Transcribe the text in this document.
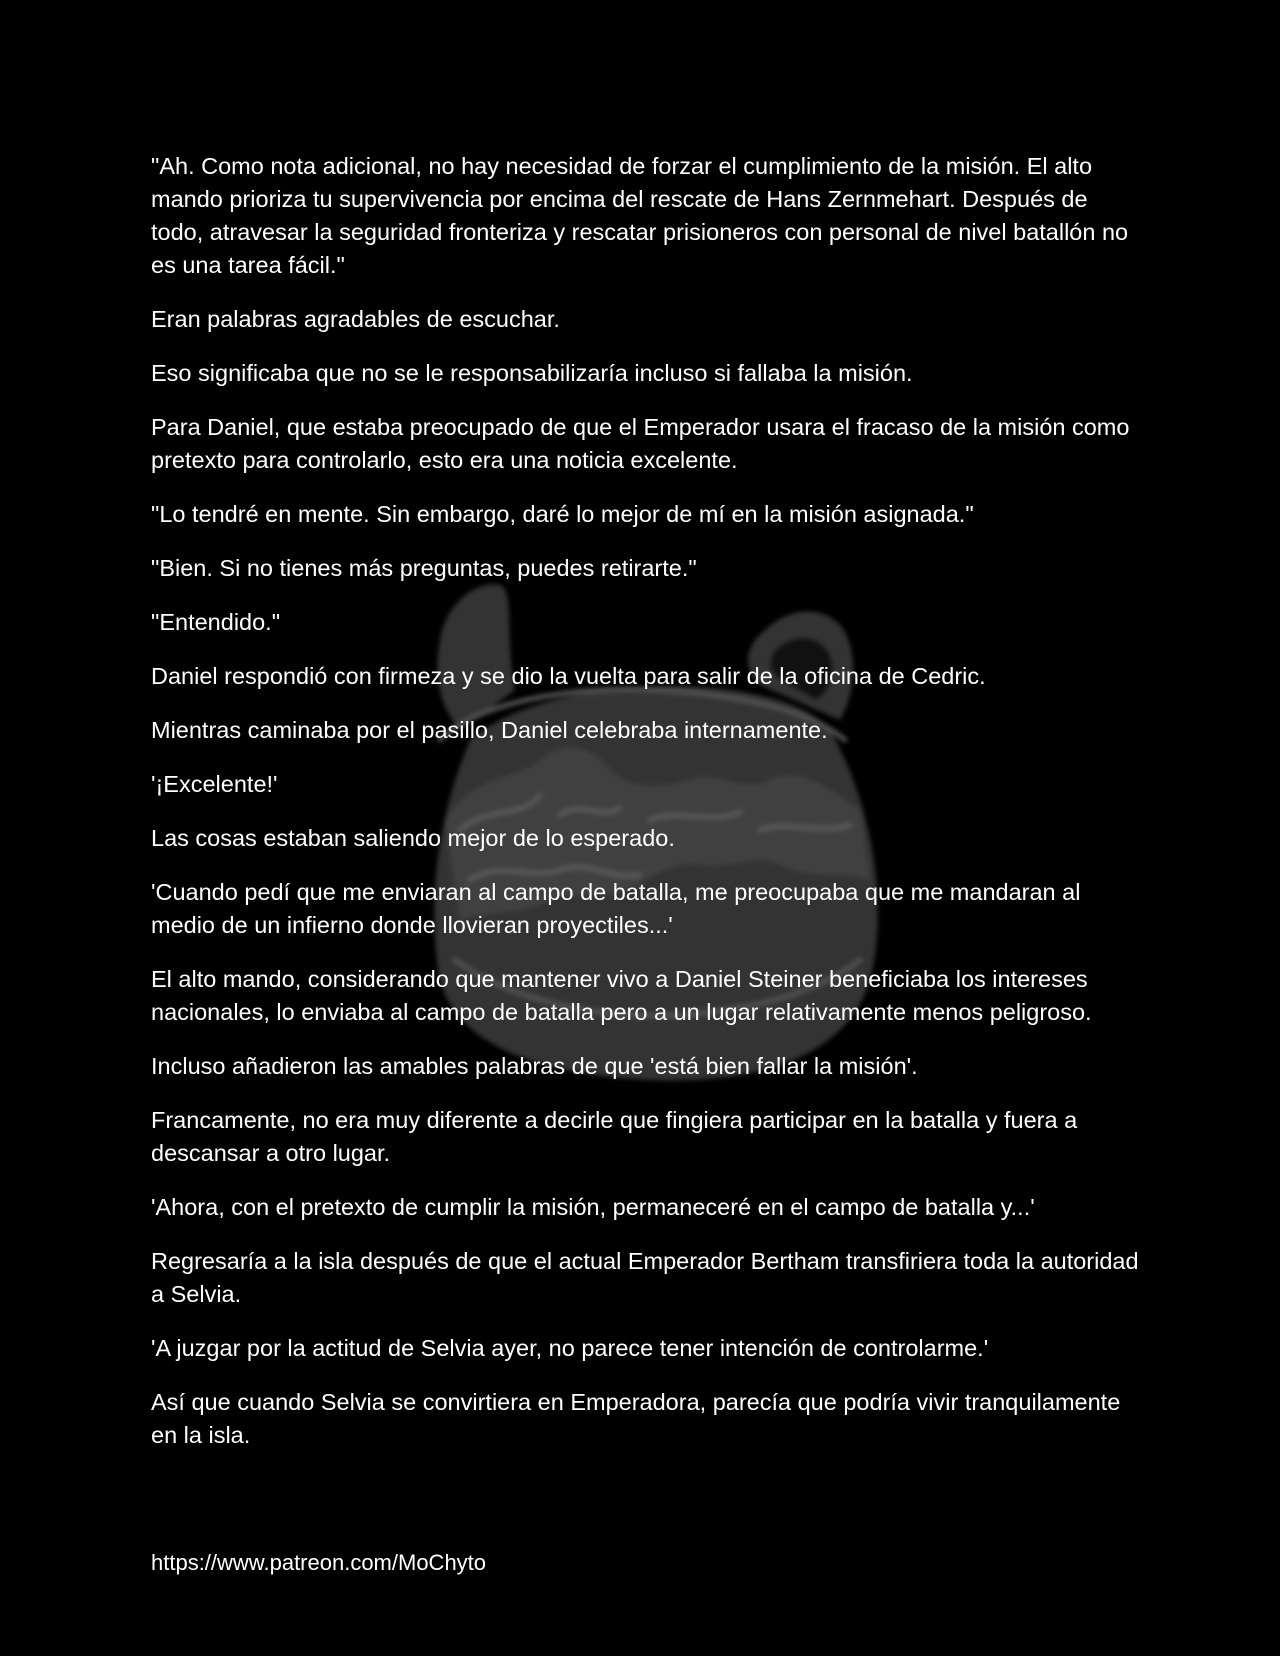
"Ah. Como nota adicional, no hay necesidad de forzar el cumplimiento de la misión. El alto mando prioriza tu supervivencia por encima del rescate de Hans Zernmehart. Después de todo, atravesar la seguridad fronteriza y rescatar prisioneros con personal de nivel batallón no es una tarea fácil."

Eran palabras agradables de escuchar.

Eso significaba que no se le responsabilizaría incluso si fallaba la misión.

Para Daniel, que estaba preocupado de que el Emperador usara el fracaso de la misión como pretexto para controlarlo, esto era una noticia excelente.

"Lo tendré en mente. Sin embargo, daré lo mejor de mí en la misión asignada."

"Bien. Si no tienes más preguntas, puedes retirarte."

"Entendido."

Daniel respondió con firmeza y se dio la vuelta para salir de la oficina de Cedric.

Mientras caminaba por el pasillo, Daniel celebraba internamente.

'¡Excelente!'

Las cosas estaban saliendo mejor de lo esperado.

'Cuando pedí que me enviaran al campo de batalla, me preocupaba que me mandaran al medio de un infierno donde llovieran proyectiles...'

El alto mando, considerando que mantener vivo a Daniel Steiner beneficiaba los intereses nacionales, lo enviaba al campo de batalla pero a un lugar relativamente menos peligroso.

Incluso añadieron las amables palabras de que 'está bien fallar la misión'.

Francamente, no era muy diferente a decirle que fingiera participar en la batalla y fuera a descansar a otro lugar.

'Ahora, con el pretexto de cumplir la misión, permaneceré en el campo de batalla y...'

Regresaría a la isla después de que el actual Emperador Bertham transfiriera toda la autoridad a Selvia.

'A juzgar por la actitud de Selvia ayer, no parece tener intención de controlarme.'

Así que cuando Selvia se convirtiera en Emperadora, parecía que podría vivir tranquilamente en la isla.

https://www.patreon.com/MoChyto
